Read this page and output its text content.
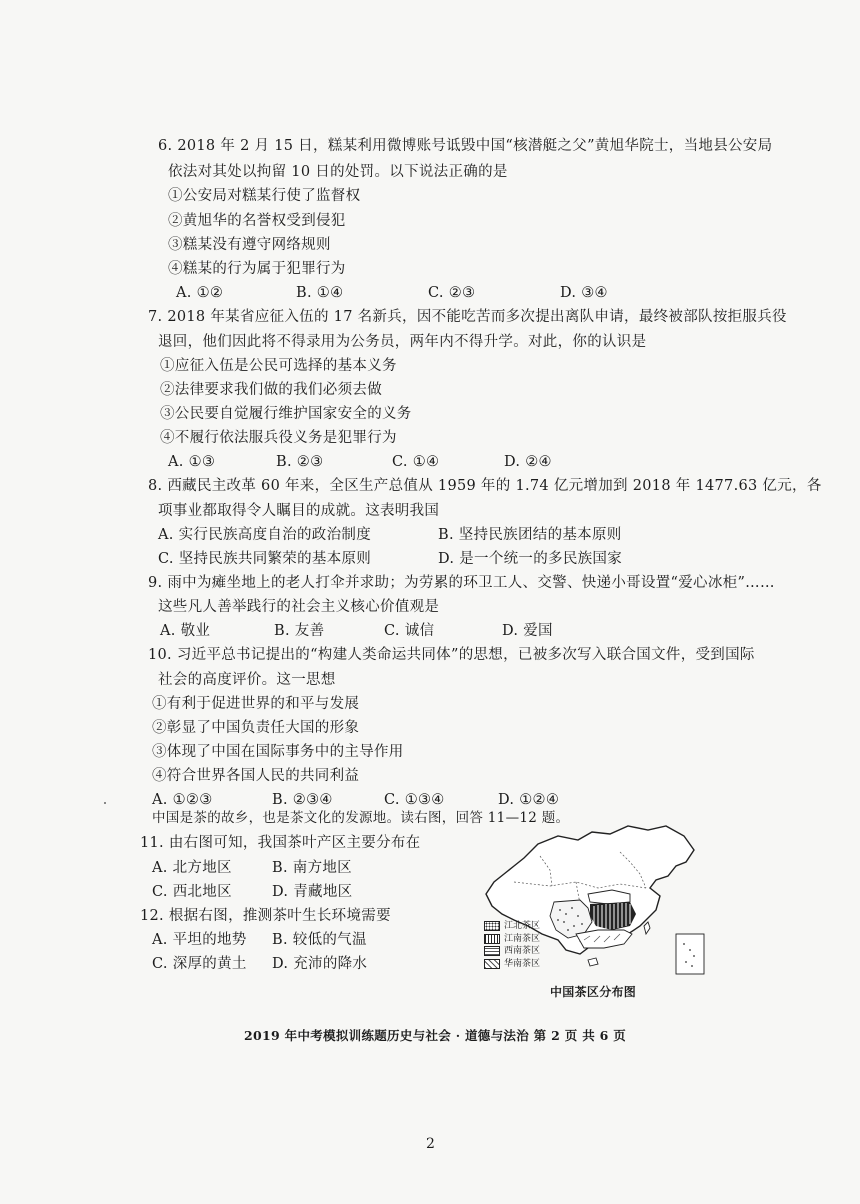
6. 2018 年 2 月 15 日，糕某利用微博账号诋毁中国“核潜艇之父”黄旭华院士，当地县公安局
依法对其处以拘留 10 日的处罚。以下说法正确的是
①公安局对糕某行使了监督权
②黄旭华的名誉权受到侵犯
③糕某没有遵守网络规则
④糕某的行为属于犯罪行为
A. ①②	B. ①④	C. ②③	D. ③④
7. 2018 年某省应征入伍的 17 名新兵，因不能吃苦而多次提出离队申请，最终被部队按拒服兵役
退回，他们因此将不得录用为公务员，两年内不得升学。对此，你的认识是
①应征入伍是公民可选择的基本义务
②法律要求我们做的我们必须去做
③公民要自觉履行维护国家安全的义务
④不履行依法服兵役义务是犯罪行为
A. ①③	B. ②③	C. ①④	D. ②④
8. 西藏民主改革 60 年来，全区生产总值从 1959 年的 1.74 亿元增加到 2018 年 1477.63 亿元，各
项事业都取得令人瞩目的成就。这表明我国
A. 实行民族高度自治的政治制度	B. 坚持民族团结的基本原则
C. 坚持民族共同繁荣的基本原则	D. 是一个统一的多民族国家
9. 雨中为瘫坐地上的老人打伞并求助；为劳累的环卫工人、交警、快递小哥设置“爱心冰柜”……
这些凡人善举践行的社会主义核心价值观是
A. 敬业	B. 友善	C. 诚信	D. 爱国
10. 习近平总书记提出的“构建人类命运共同体”的思想，已被多次写入联合国文件，受到国际
社会的高度评价。这一思想
①有利于促进世界的和平与发展
②彰显了中国负责任大国的形象
③体现了中国在国际事务中的主导作用
④符合世界各国人民的共同利益
A. ①②③	B. ②③④	C. ①③④	D. ①②④
中国是茶的故乡，也是茶文化的发源地。读右图，回答 11—12 题。
11. 由右图可知，我国茶叶产区主要分布在
A. 北方地区	B. 南方地区
C. 西北地区	D. 青藏地区
12. 根据右图，推测茶叶生长环境需要
A. 平坦的地势 B. 较低的气温
C. 深厚的黄土 D. 充沛的降水
江北茶区
江南茶区
西南茶区
华南茶区
中国茶区分布图
2019 年中考模拟训练题历史与社会 · 道德与法治 第 2 页 共 6 页
2
